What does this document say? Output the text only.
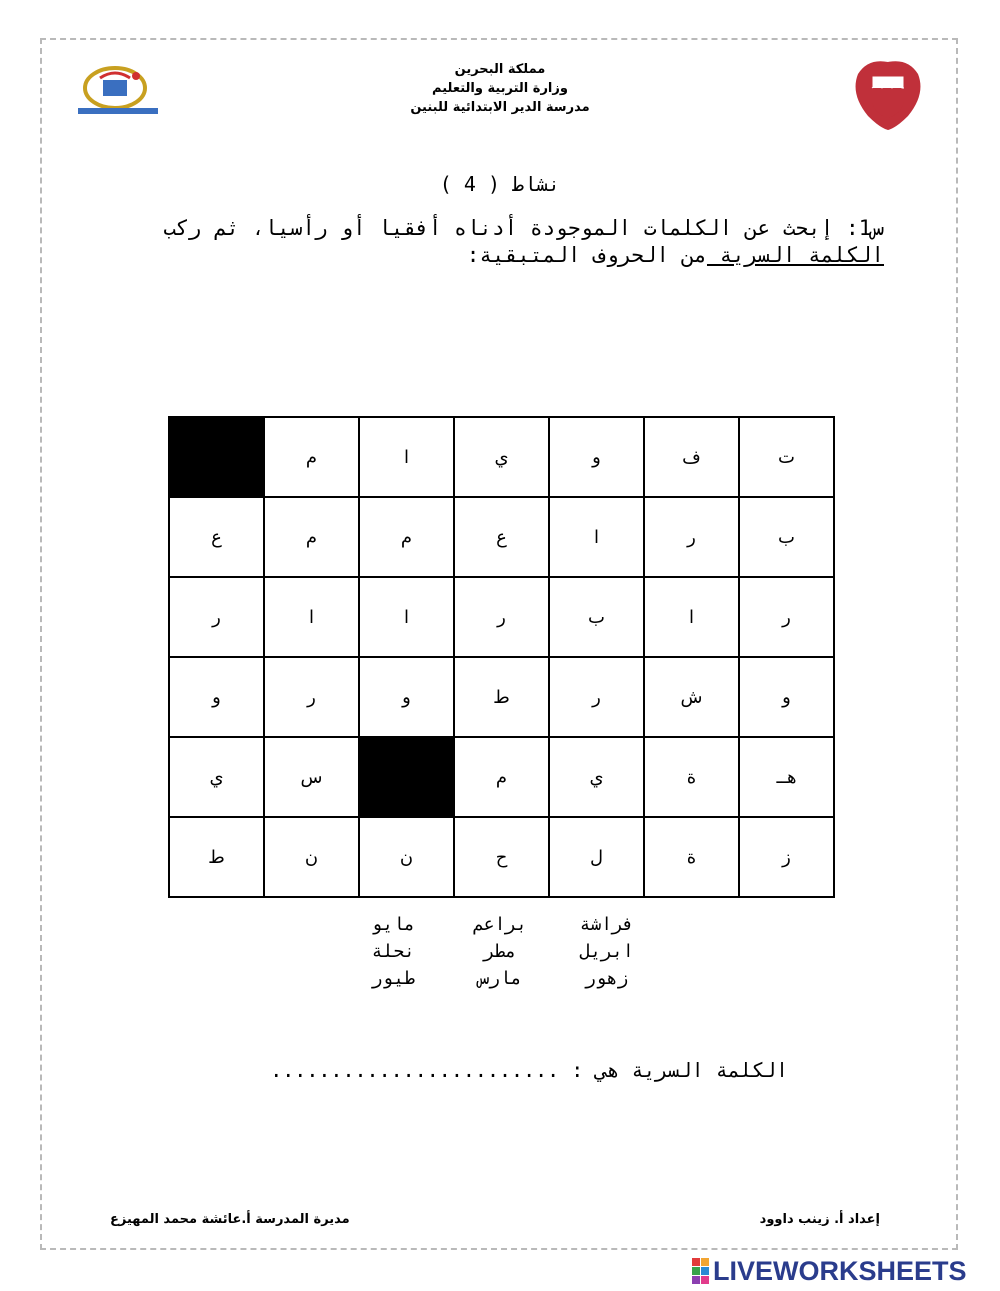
مملكة البحرين
وزارة التربية والتعليم
مدرسة الدير الابتدائية للبنين
نشاط ( 4 )
س1: إبحث عن الكلمات الموجودة أدناه أفقيا أو رأسيا، ثم ركب الكلمة السرية من الحروف المتبقية:
	م	ا	ي	و	ف	ت
ع	م	م	ع	ا	ر	ب
ر	ا	ا	ر	ب	ا	ر
و	ر	و	ط	ر	ش	و
ي	س		م	ي	ة	هــ
ط	ن	ن	ح	ل	ة	ز
فراشة
براعم
مايو
ابريل
مطر
نحلة
زهور
مارس
طيور
الكلمة السرية هي : ........................
مديرة المدرسة أ.عائشة محمد المهيزع	إعداد أ. زينب داوود
LIVEWORKSHEETS
